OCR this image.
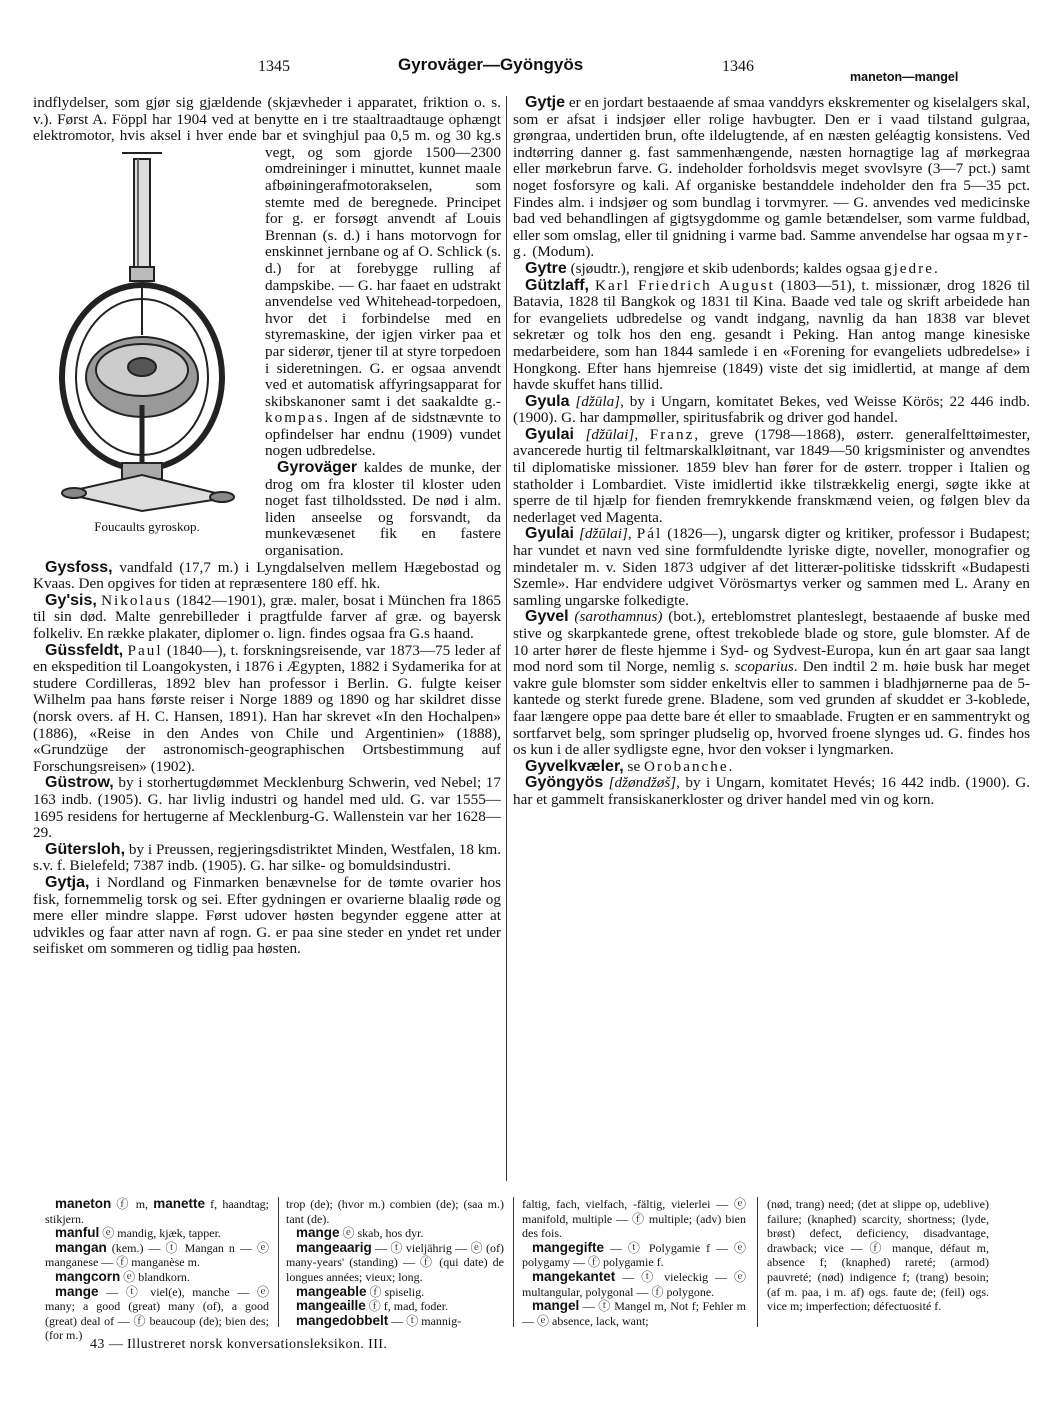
1345	Gyroväger—Gyöngyös	1346
maneton—mangel
Foucaults gyroskop.

indflydelser, som gjør sig gjældende (skjævheder i apparatet, friktion o. s. v.). Først A. Föppl har 1904 ved at benytte en i tre staaltraadtauge ophængt elektromotor, hvis aksel i hver ende bar et svinghjul paa 0,5 m. og 30 kg.s vegt, og som gjorde 1500—2300 omdreininger i minuttet, kunnet maale afbøiningerafmotorakselen, som stemte med de beregnede. Principet for g. er forsøgt anvendt af Louis Brennan (s. d.) i hans motorvogn for enskinnet jernbane og af O. Schlick (s. d.) for at forebygge rulling af dampskibe. — G. har faaet en udstrakt anvendelse ved Whitehead-torpedoen, hvor det i forbindelse med en styremaskine, der igjen virker paa et par siderør, tjener til at styre torpedoen i sideretningen. G. er ogsaa anvendt ved et automatisk affyringsapparat for skibskanoner samt i det saakaldte g.-kompas. Ingen af de sidstnævnte to opfindelser har endnu (1909) vundet nogen udbredelse.

Gyroväger kaldes de munke, der drog om fra kloster til kloster uden noget fast tilholdssted. De nød i alm. liden anseelse og forsvandt, da munkevæsenet fik en fastere organisation.

Gysfoss, vandfald (17,7 m.) i Lyngdalselven mellem Hægebostad og Kvaas. Den opgives for tiden at repræsentere 180 eff. hk.

Gy'sis, Nikolaus (1842—1901), græ. maler, bosat i München fra 1865 til sin død. Malte genrebilleder i pragtfulde farver af græ. og bayersk folkeliv. En række plakater, diplomer o. lign. findes ogsaa fra G.s haand.

Güssfeldt, Paul (1840—), t. forskningsreisende, var 1873—75 leder af en ekspedition til Loangokysten, i 1876 i Ægypten, 1882 i Sydamerika for at studere Cordilleras, 1892 blev han professor i Berlin. G. fulgte keiser Wilhelm paa hans første reiser i Norge 1889 og 1890 og har skildret disse (norsk overs. af H. C. Hansen, 1891). Han har skrevet «In den Hochalpen» (1886), «Reise in den Andes von Chile und Argentinien» (1888), «Grundzüge der astronomisch-geographischen Ortsbestimmung auf Forschungsreisen» (1902).

Güstrow, by i storhertugdømmet Mecklenburg Schwerin, ved Nebel; 17 163 indb. (1905). G. har livlig industri og handel med uld. G. var 1555—1695 residens for hertugerne af Mecklenburg-G. Wallenstein var her 1628—29.

Gütersloh, by i Preussen, regjeringsdistriktet Minden, Westfalen, 18 km. s.v. f. Bielefeld; 7387 indb. (1905). G. har silke- og bomuldsindustri.

Gytja, i Nordland og Finmarken benævnelse for de tømte ovarier hos fisk, fornemmelig torsk og sei. Efter gydningen er ovarierne blaalig røde og mere eller mindre slappe. Først udover høsten begynder eggene atter at udvikles og faar atter navn af rogn. G. er paa sine steder en yndet ret under seifisket om sommeren og tidlig paa høsten.

Gytje er en jordart bestaaende af smaa vanddyrs ekskrementer og kiselalgers skal, som er afsat i indsjøer eller rolige havbugter. Den er i vaad tilstand gulgraa, grøngraa, undertiden brun, ofte ildelugtende, af en næsten geléagtig konsistens. Ved indtørring danner g. fast sammenhængende, næsten hornagtige lag af mørkegraa eller mørkebrun farve. G. indeholder forholdsvis meget svovlsyre (3—7 pct.) samt noget fosforsyre og kali. Af organiske bestanddele indeholder den fra 5—35 pct. Findes alm. i indsjøer og som bundlag i torvmyrer. — G. anvendes ved medicinske bad ved behandlingen af gigtsygdomme og gamle betændelser, som varme fuldbad, eller som omslag, eller til gnidning i varme bad. Samme anvendelse har ogsaa myr-g. (Modum).

Gytre (sjøudtr.), rengjøre et skib udenbords; kaldes ogsaa gjedre.

Gützlaff, Karl Friedrich August (1803—51), t. missionær, drog 1826 til Batavia, 1828 til Bangkok og 1831 til Kina. Baade ved tale og skrift arbeidede han for evangeliets udbredelse og vandt indgang, navnlig da han 1838 var blevet sekretær og tolk hos den eng. gesandt i Peking. Han antog mange kinesiske medarbeidere, som han 1844 samlede i en «Forening for evangeliets udbredelse» i Hongkong. Efter hans hjemreise (1849) viste det sig imidlertid, at mange af dem havde skuffet hans tillid.

Gyula [džūla], by i Ungarn, komitatet Bekes, ved Weisse Körös; 22 446 indb. (1900). G. har dampmøller, spiritusfabrik og driver god handel.

Gyulai [džūlai], Franz, greve (1798—1868), østerr. generalfelttøimester, avancerede hurtig til feltmarskalkløitnant, var 1849—50 krigsminister og anvendtes til diplomatiske missioner. 1859 blev han fører for de østerr. tropper i Italien og statholder i Lombardiet. Viste imidlertid ikke tilstrækkelig energi, søgte ikke at sperre de til hjælp for fienden fremrykkende franskmænd veien, og følgen blev da nederlaget ved Magenta.

Gyulai [džūlai], Pál (1826—), ungarsk digter og kritiker, professor i Budapest; har vundet et navn ved sine formfuldendte lyriske digte, noveller, monografier og mindetaler m. v. Siden 1873 udgiver af det litterær-politiske tidsskrift «Budapesti Szemle». Har endvidere udgivet Vörösmartys verker og sammen med L. Arany en samling ungarske folkedigte.

Gyvel (sarothamnus) (bot.), erteblomstret planteslegt, bestaaende af buske med stive og skarpkantede grene, oftest trekoblede blade og store, gule blomster. Af de 10 arter hører de fleste hjemme i Syd- og Sydvest-Europa, kun én art gaar saa langt mod nord som til Norge, nemlig s. scoparius. Den indtil 2 m. høie busk har meget vakre gule blomster som sidder enkeltvis eller to sammen i bladhjørnerne paa de 5-kantede og sterkt furede grene. Bladene, som ved grunden af skuddet er 3-koblede, faar længere oppe paa dette bare ét eller to smaablade. Frugten er en sammentrykt og sortfarvet belg, som springer pludselig op, hvorved froene slynges ud. G. findes hos os kun i de aller sydligste egne, hvor den vokser i lyngmarken.

Gyvelkvæler, se Orobanche.

Gyöngyös [džøndžøš], by i Ungarn, komitatet Hevés; 16 442 indb. (1900). G. har et gammelt fransiskanerkloster og driver handel med vin og korn.

maneton ⓕ m, manette f, haandtag; stikjern.

manful ⓔ mandig, kjæk, tapper.

mangan (kem.) — ⓣ Mangan n — ⓔ manganese — ⓕ manganèse m.

mangcorn ⓔ blandkorn.

mange — ⓣ viel(e), manche — ⓔ many; a good (great) many (of), a good (great) deal of — ⓕ beaucoup (de); bien des; (for m.)

trop (de); (hvor m.) combien (de); (saa m.) tant (de).

mange ⓔ skab, hos dyr.

mangeaarig — ⓣ vieljährig — ⓔ (of) many-years' (standing) — ⓕ (qui date) de longues années; vieux; long.

mangeable ⓕ spiselig.

mangeaille ⓕ f, mad, foder.

mangedobbelt — ⓣ mannig-

faltig, fach, vielfach, -fältig, vielerlei — ⓔ manifold, multiple — ⓕ multiple; (adv) bien des fois.

mangegifte — ⓣ Polygamie f — ⓔ polygamy — ⓕ polygamie f.

mangekantet — ⓣ vieleckig — ⓔ multangular, polygonal — ⓕ polygone.

mangel — ⓣ Mangel m, Not f; Fehler m — ⓔ absence, lack, want;

(nød, trang) need; (det at slippe op, udeblive) failure; (knaphed) scarcity, shortness; (lyde, brøst) defect, deficiency, disadvantage, drawback; vice — ⓕ manque, défaut m, absence f; (knaphed) rareté; (armod) pauvreté; (nød) indigence f; (trang) besoin; (af m. paa, i m. af) ogs. faute de; (feil) ogs. vice m; imperfection; défectuosité f.

43 — Illustreret norsk konversationsleksikon. III.
